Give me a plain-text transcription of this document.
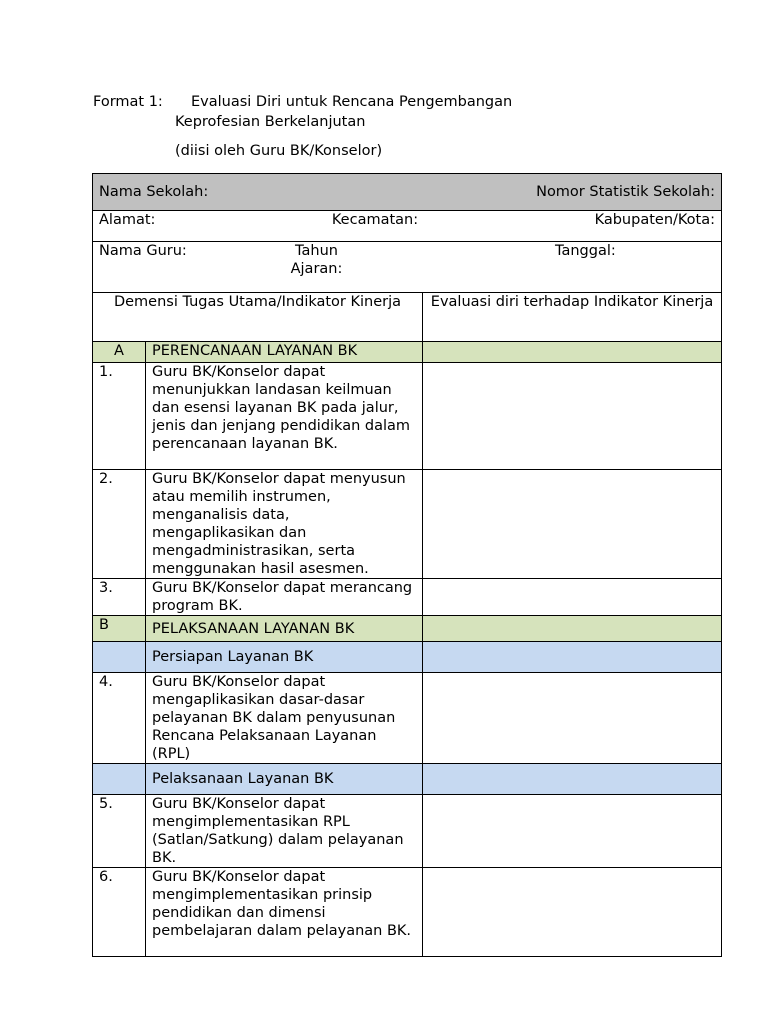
Format 1:	Evaluasi Diri untuk Rencana Pengembangan
Keprofesian Berkelanjutan
(diisi oleh Guru BK/Konselor)
Nama Sekolah: Nomor Statistik Sekolah:		

Alamat: Kecamatan: Kabupaten/Kota:		

Nama Guru: Tahun Ajaran:
Tanggal:		

Demensi Tugas Utama/Indikator Kinerja		Evaluasi diri terhadap Indikator Kinerja
A	PERENCANAAN LAYANAN BK	
1.	Guru BK/Konselor dapat menunjukkan landasan keilmuan dan esensi layanan BK pada jalur, jenis dan jenjang pendidikan dalam perencanaan layanan BK.	
2.	Guru BK/Konselor dapat menyusun atau memilih instrumen, menganalisis data, mengaplikasikan dan mengadministrasikan, serta menggunakan hasil asesmen.	
3.	Guru BK/Konselor dapat merancang program BK.	
B	PELAKSANAAN LAYANAN BK	
	Persiapan Layanan BK	
4.	Guru BK/Konselor dapat mengaplikasikan dasar-dasar pelayanan BK dalam penyusunan Rencana Pelaksanaan Layanan (RPL)	
	Pelaksanaan Layanan BK	
5.	Guru BK/Konselor dapat mengimplementasikan RPL (Satlan/Satkung) dalam pelayanan BK.	
6.	Guru BK/Konselor dapat mengimplementasikan prinsip pendidikan dan dimensi pembelajaran dalam pelayanan BK.	
